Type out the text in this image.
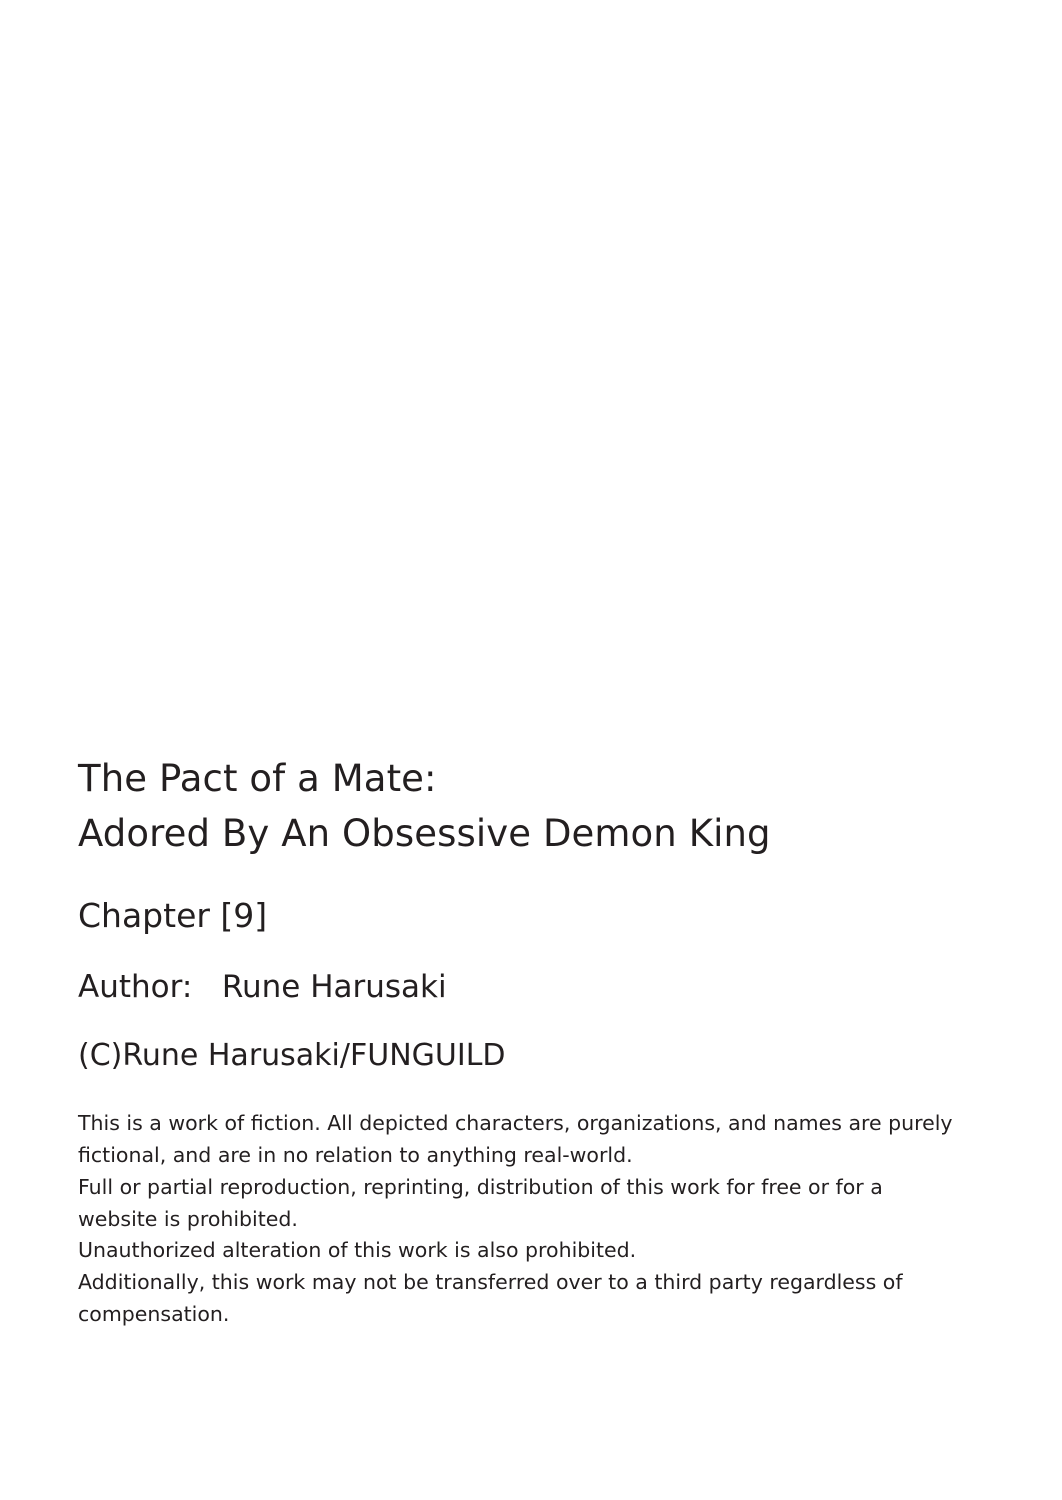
The Pact of a Mate:
Adored By An Obsessive Demon King
Chapter [9]
Author:   Rune Harusaki
(C)Rune Harusaki/FUNGUILD

This is a work of fiction. All depicted characters, organizations, and names are purely fictional, and are in no relation to anything real-world.

Full or partial reproduction, reprinting, distribution of this work for free or for a website is prohibited.

Unauthorized alteration of this work is also prohibited.

Additionally, this work may not be transferred over to a third party regardless of compensation.
